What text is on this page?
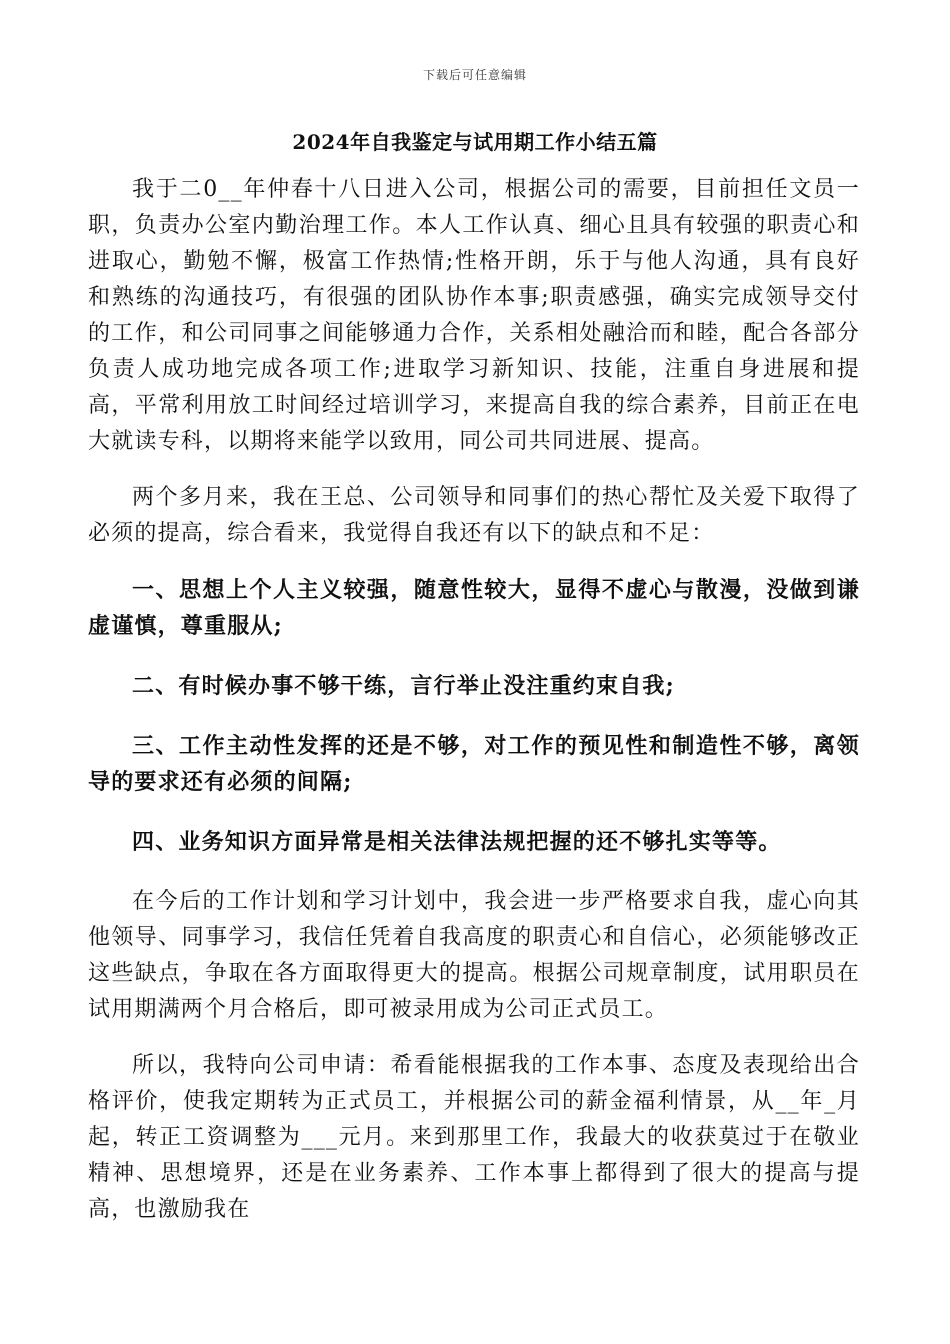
下载后可任意编辑
2024年自我鉴定与试用期工作小结五篇

我于二0__年仲春十八日进入公司，根据公司的需要，目前担任文员一职，负责办公室内勤治理工作。本人工作认真、细心且具有较强的职责心和进取心，勤勉不懈，极富工作热情;性格开朗，乐于与他人沟通，具有良好和熟练的沟通技巧，有很强的团队协作本事;职责感强，确实完成领导交付的工作，和公司同事之间能够通力合作，关系相处融洽而和睦，配合各部分负责人成功地完成各项工作;进取学习新知识、技能，注重自身进展和提高，平常利用放工时间经过培训学习，来提高自我的综合素养，目前正在电大就读专科，以期将来能学以致用，同公司共同进展、提高。

两个多月来，我在王总、公司领导和同事们的热心帮忙及关爱下取得了必须的提高，综合看来，我觉得自我还有以下的缺点和不足：

一、思想上个人主义较强，随意性较大，显得不虚心与散漫，没做到谦虚谨慎，尊重服从;

二、有时候办事不够干练，言行举止没注重约束自我;

三、工作主动性发挥的还是不够，对工作的预见性和制造性不够，离领导的要求还有必须的间隔;

四、业务知识方面异常是相关法律法规把握的还不够扎实等等。

在今后的工作计划和学习计划中，我会进一步严格要求自我，虚心向其他领导、同事学习，我信任凭着自我高度的职责心和自信心，必须能够改正这些缺点，争取在各方面取得更大的提高。根据公司规章制度，试用职员在试用期满两个月合格后，即可被录用成为公司正式员工。

所以，我特向公司申请：希看能根据我的工作本事、态度及表现给出合格评价，使我定期转为正式员工，并根据公司的薪金福利情景，从__年_月起，转正工资调整为___元月。来到那里工作，我最大的收获莫过于在敬业精神、思想境界，还是在业务素养、工作本事上都得到了很大的提高与提高，也激励我在
